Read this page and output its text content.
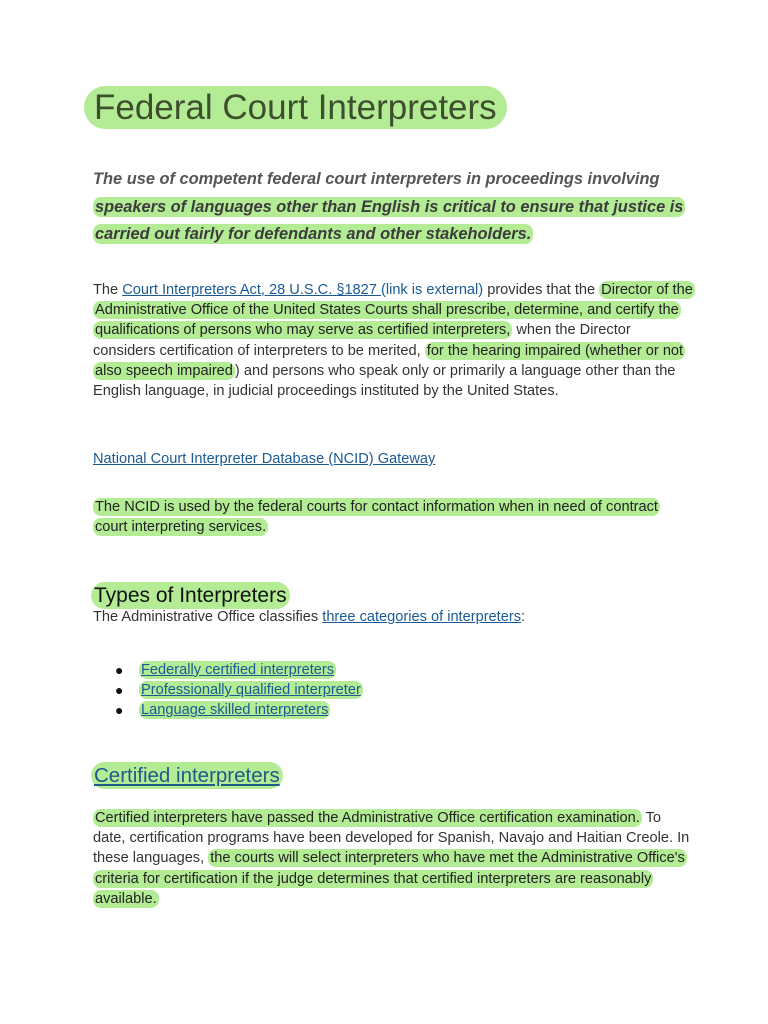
Federal Court Interpreters

The use of competent federal court interpreters in proceedings involving speakers of languages other than English is critical to ensure that justice is carried out fairly for defendants and other stakeholders.

The Court Interpreters Act, 28 U.S.C. §1827 (link is external) provides that the Director of the Administrative Office of the United States Courts shall prescribe, determine, and certify the qualifications of persons who may serve as certified interpreters, when the Director considers certification of interpreters to be merited, for the hearing impaired (whether or not also speech impaired ) and persons who speak only or primarily a language other than the English language, in judicial proceedings instituted by the United States.

National Court Interpreter Database (NCID) Gateway

The NCID is used by the federal courts for contact information when in need of contract court interpreting services.

Types of Interpreters

The Administrative Office classifies three categories of interpreters:

● Federally certified interpreters
● Professionally qualified interpreter
● Language skilled interpreters
Certified interpreters

Certified interpreters have passed the Administrative Office certification examination. To date, certification programs have been developed for Spanish, Navajo and Haitian Creole. In these languages, the courts will select interpreters who have met the Administrative Office's criteria for certification if the judge determines that certified interpreters are reasonably available.
